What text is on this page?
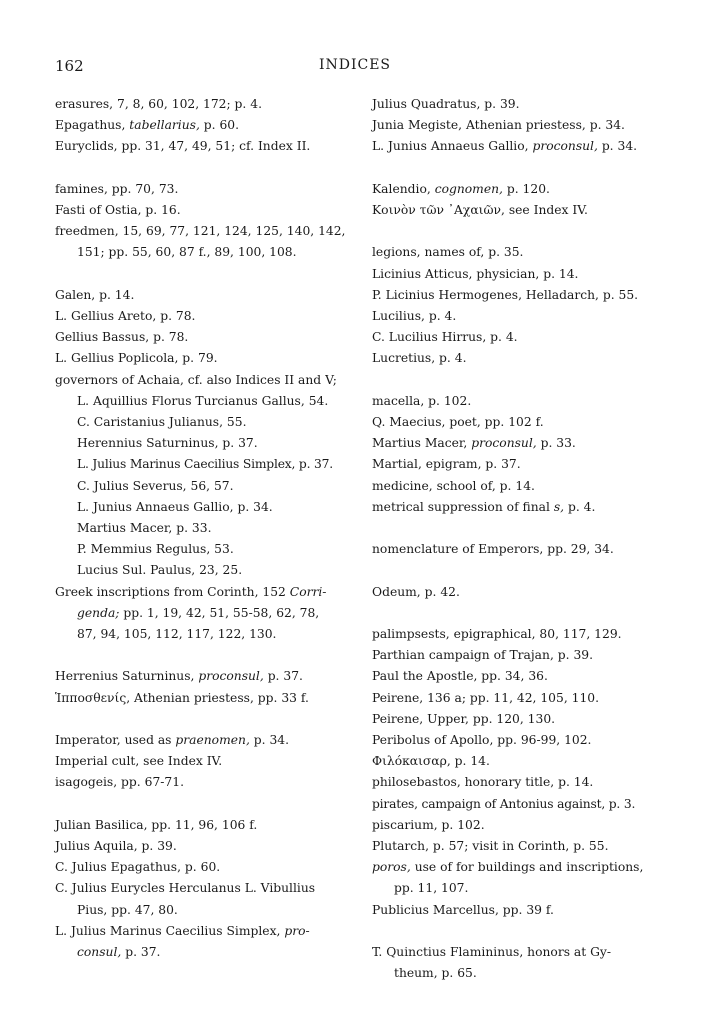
162	INDICES
erasures, 7, 8, 60, 102, 172; p. 4.
Epagathus, tabellarius, p. 60.
Euryclids, pp. 31, 47, 49, 51; cf. Index II.
famines, pp. 70, 73.
Fasti of Ostia, p. 16.
freedmen, 15, 69, 77, 121, 124, 125, 140, 142,
151; pp. 55, 60, 87 f., 89, 100, 108.
Galen, p. 14.
L. Gellius Areto, p. 78.
Gellius Bassus, p. 78.
L. Gellius Poplicola, p. 79.
governors of Achaia, cf. also Indices II and V;
L. Aquillius Florus Turcianus Gallus, 54.
C. Caristanius Julianus, 55.
Herennius Saturninus, p. 37.
L. Julius Marinus Caecilius Simplex, p. 37.
C. Julius Severus, 56, 57.
L. Junius Annaeus Gallio, p. 34.
Martius Macer, p. 33.
P. Memmius Regulus, 53.
Lucius Sul. Paulus, 23, 25.
Greek inscriptions from Corinth, 152 Corri-
genda; pp. 1, 19, 42, 51, 55-58, 62, 78,
87, 94, 105, 112, 117, 122, 130.
Herrenius Saturninus, proconsul, p. 37.
Ἱπποσθενίς, Athenian priestess, pp. 33 f.
Imperator, used as praenomen, p. 34.
Imperial cult, see Index IV.
isagogeis, pp. 67-71.
Julian Basilica, pp. 11, 96, 106 f.
Julius Aquila, p. 39.
C. Julius Epagathus, p. 60.
C. Julius Eurycles Herculanus L. Vibullius
Pius, pp. 47, 80.
L. Julius Marinus Caecilius Simplex, pro-
consul, p. 37.
Julius Quadratus, p. 39.
Junia Megiste, Athenian priestess, p. 34.
L. Junius Annaeus Gallio, proconsul, p. 34.
Kalendio, cognomen, p. 120.
Κοινὸν τῶν ᾿Αχαιῶν, see Index IV.
legions, names of, p. 35.
Licinius Atticus, physician, p. 14.
P. Licinius Hermogenes, Helladarch, p. 55.
Lucilius, p. 4.
C. Lucilius Hirrus, p. 4.
Lucretius, p. 4.
macella, p. 102.
Q. Maecius, poet, pp. 102 f.
Martius Macer, proconsul, p. 33.
Martial, epigram, p. 37.
medicine, school of, p. 14.
metrical suppression of final s, p. 4.
nomenclature of Emperors, pp. 29, 34.
Odeum, p. 42.
palimpsests, epigraphical, 80, 117, 129.
Parthian campaign of Trajan, p. 39.
Paul the Apostle, pp. 34, 36.
Peirene, 136 a; pp. 11, 42, 105, 110.
Peirene, Upper, pp. 120, 130.
Peribolus of Apollo, pp. 96-99, 102.
Φιλόκαισαρ, p. 14.
philosebastos, honorary title, p. 14.
pirates, campaign of Antonius against, p. 3.
piscarium, p. 102.
Plutarch, p. 57; visit in Corinth, p. 55.
poros, use of for buildings and inscriptions,
pp. 11, 107.
Publicius Marcellus, pp. 39 f.
T. Quinctius Flamininus, honors at Gy-
theum, p. 65.
